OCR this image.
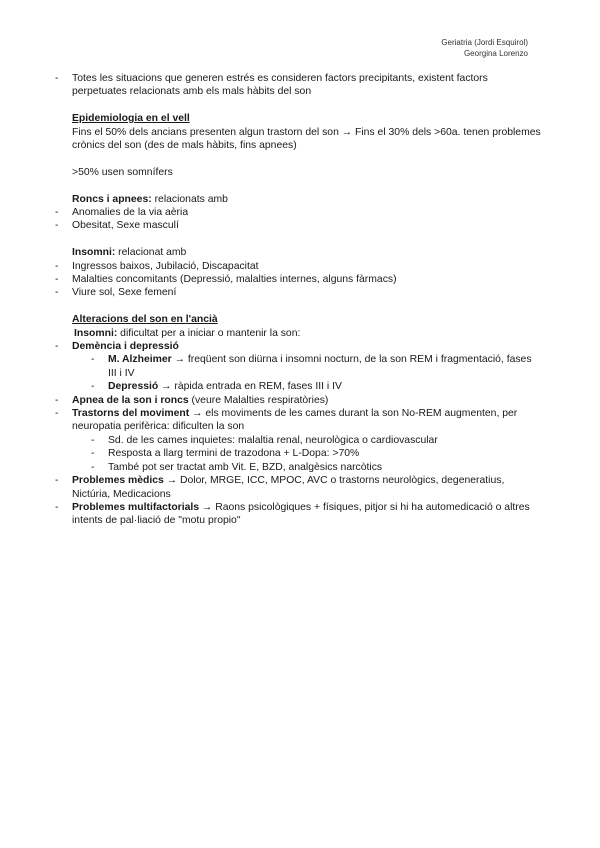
Geriatria (Jordi Esquirol)
Georgina Lorenzo
- Totes les situacions que generen estrés es consideren factors precipitants, existent factors perpetuates relacionats amb els mals hàbits del son
Epidemiologia en el vell

Fins el 50% dels ancians presenten algun trastorn del son → Fins el 30% dels >60a. tenen problemes crònics del son (des de mals hàbits, fins apnees)

>50% usen somnífers

Roncs i apnees: relacionats amb
- Anomalies de la via aèria
- Obesitat, Sexe masculí
Insomni: relacionat amb
- Ingressos baixos, Jubilació, Discapacitat
- Malalties concomitants (Depressió, malalties internes, alguns fàrmacs)
- Viure sol, Sexe femení
Alteracions del son en l'ancià
Insomni: dificultat per a iniciar o mantenir la son:
- Demència i depressió
- M. Alzheimer → freqüent son diürna i insomni nocturn, de la son REM i fragmentació, fases III i IV
- Depressió → ràpida entrada en REM, fases III i IV
- Apnea de la son i roncs (veure Malalties respiratòries)
- Trastorns del moviment → els moviments de les cames durant la son No-REM augmenten, per neuropatia perifèrica: dificulten la son
- Sd. de les cames inquietes: malaltia renal, neurològica o cardiovascular
- Resposta a llarg termini de trazodona + L-Dopa: >70%
- També pot ser tractat amb Vit. E, BZD, analgèsics narcòtics
- Problemes mèdics → Dolor, MRGE, ICC, MPOC, AVC o trastorns neurològics, degeneratius, Nictúria, Medicacions
- Problemes multifactorials → Raons psicològiques + físiques, pitjor si hi ha automedicació o altres intents de pal·liació de "motu propio"
